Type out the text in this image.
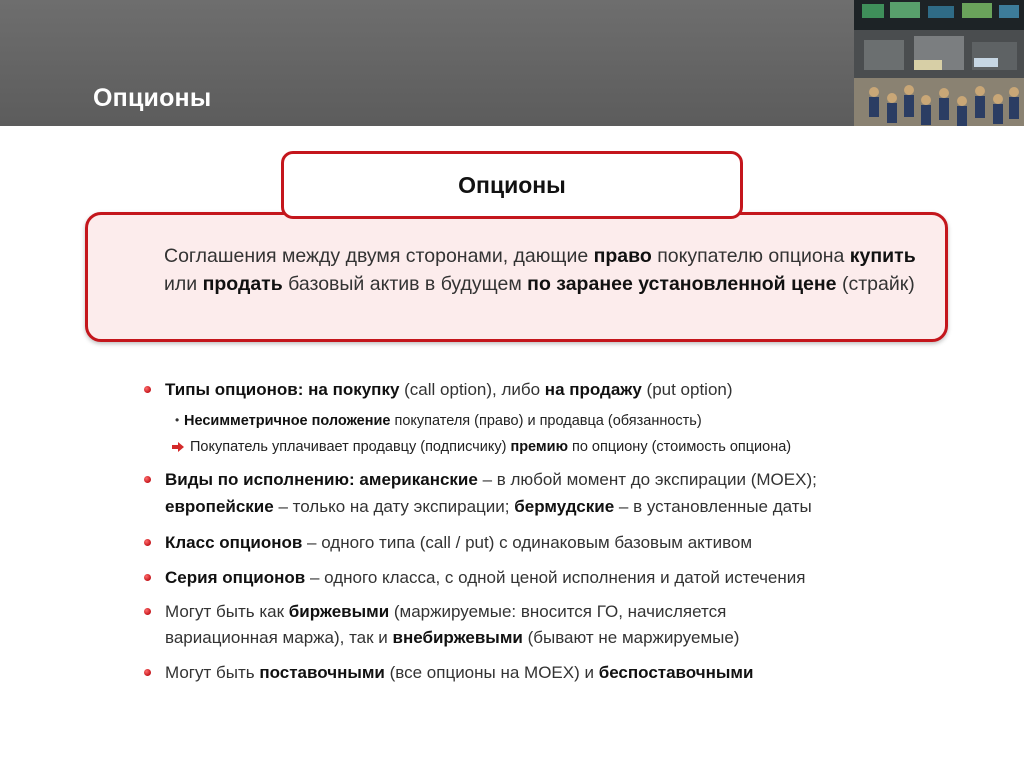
Опционы
Опционы
Соглашения между двумя сторонами, дающие право покупателю опциона купить или продать базовый актив в будущем по заранее установленной цене (страйк)
Типы опционов: на покупку (call option), либо на продажу (put option)
• Несимметричное положение покупателя (право) и продавца (обязанность)
Покупатель уплачивает продавцу (подписчику) премию по опциону (стоимость опциона)
Виды по исполнению: американские – в любой момент до экспирации (MOEX);
европейские – только на дату экспирации; бермудские – в установленные даты
Класс опционов – одного типа (call / put) с одинаковым базовым активом
Серия опционов – одного класса, с одной ценой исполнения и датой истечения
Могут быть как биржевыми (маржируемые: вносится ГО, начисляется
вариационная маржа), так и внебиржевыми (бывают не маржируемые)
Могут быть поставочными (все опционы на MOEX) и беспоставочными
